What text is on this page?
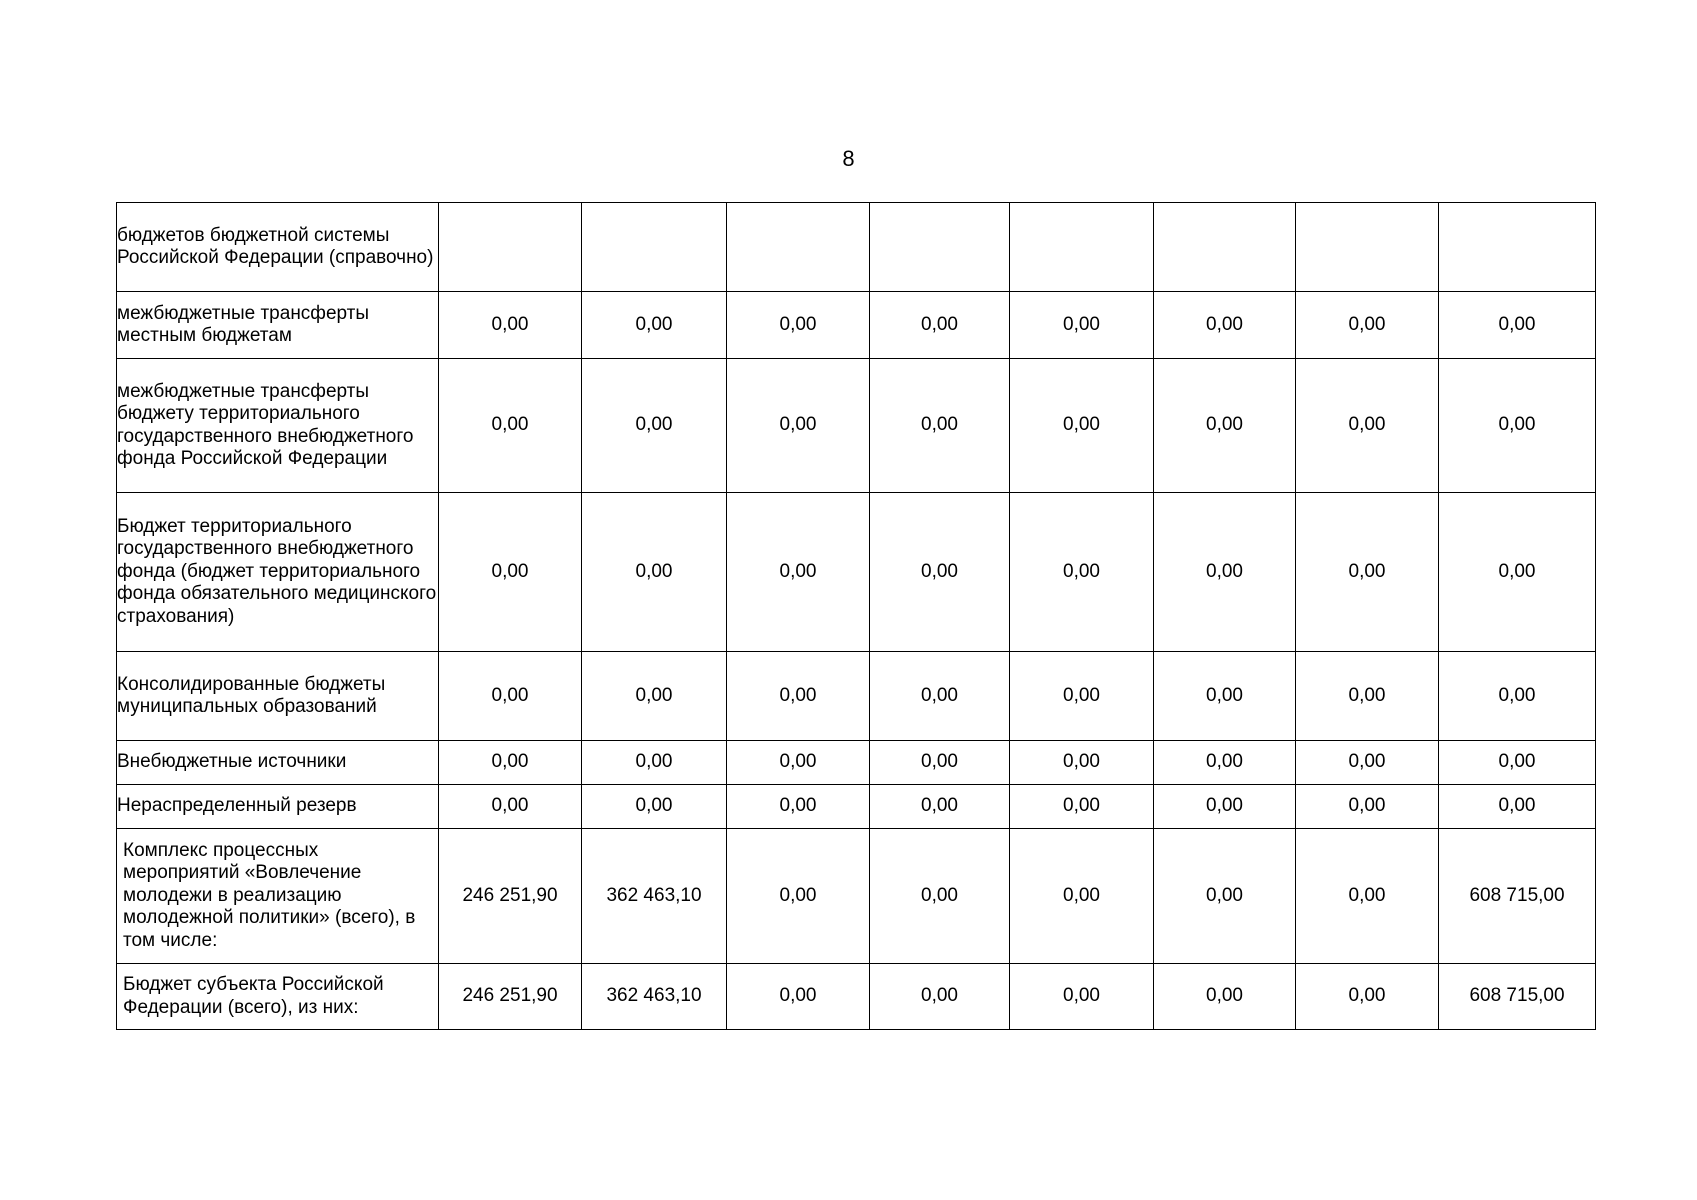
8
бюджетов бюджетной системы Российской Федерации (справочно)								
межбюджетные трансферты местным бюджетам	0,00	0,00	0,00	0,00	0,00	0,00	0,00	0,00
межбюджетные трансферты бюджету территориального государственного внебюджетного фонда Российской Федерации	0,00	0,00	0,00	0,00	0,00	0,00	0,00	0,00
Бюджет территориального государственного внебюджетного фонда (бюджет территориального фонда обязательного медицинского страхования)	0,00	0,00	0,00	0,00	0,00	0,00	0,00	0,00
Консолидированные бюджеты муниципальных образований	0,00	0,00	0,00	0,00	0,00	0,00	0,00	0,00
Внебюджетные источники	0,00	0,00	0,00	0,00	0,00	0,00	0,00	0,00
Нераспределенный резерв	0,00	0,00	0,00	0,00	0,00	0,00	0,00	0,00
Комплекс процессных мероприятий «Вовлечение молодежи в реализацию молодежной политики» (всего), в том числе:	246 251,90	362 463,10	0,00	0,00	0,00	0,00	0,00	608 715,00
Бюджет субъекта Российской Федерации (всего), из них:	246 251,90	362 463,10	0,00	0,00	0,00	0,00	0,00	608 715,00
